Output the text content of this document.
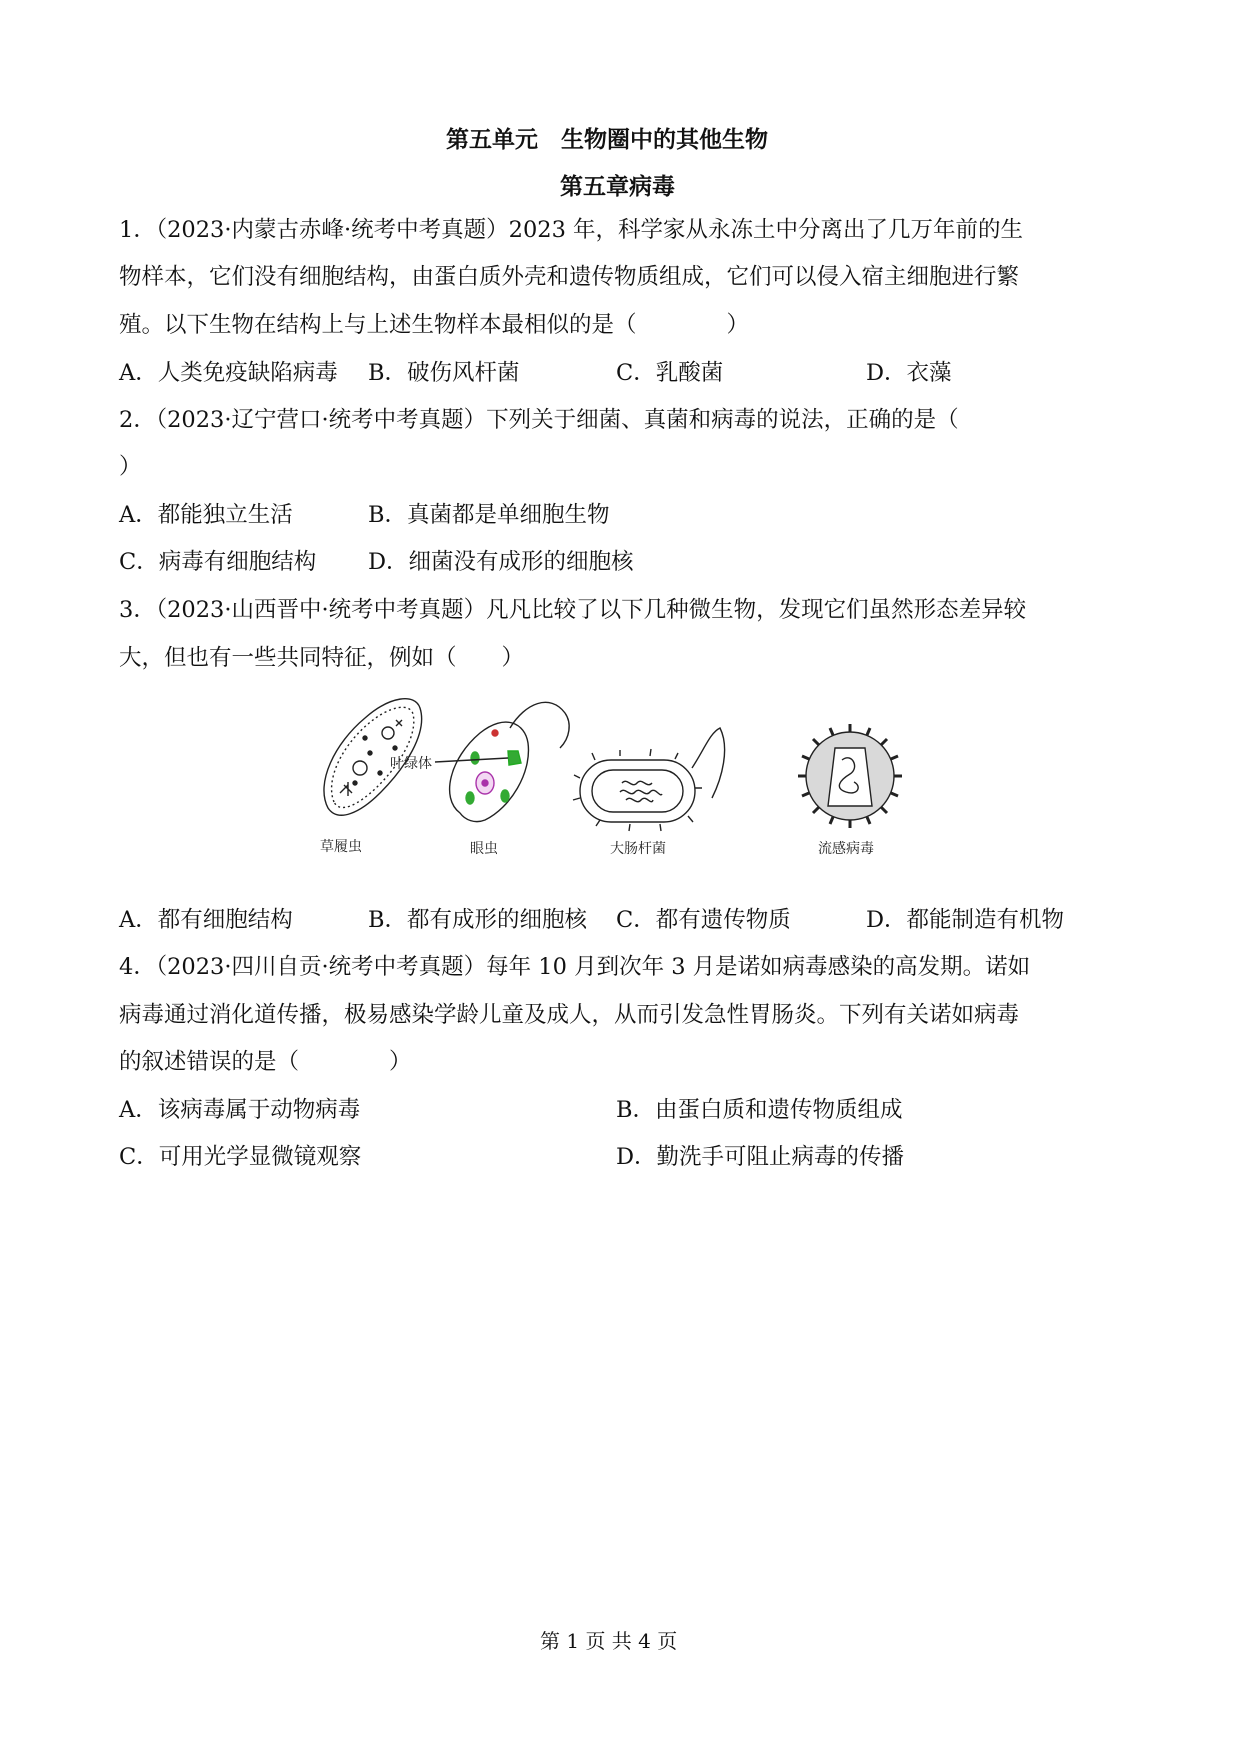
第五单元　生物圈中的其他生物
第五章病毒
1．（2023·内蒙古赤峰·统考中考真题）2023 年，科学家从永冻土中分离出了几万年前的生
物样本，它们没有细胞结构，由蛋白质外壳和遗传物质组成，它们可以侵入宿主细胞进行繁
殖。以下生物在结构上与上述生物样本最相似的是（　　　　）
A．人类免疫缺陷病毒 B．破伤风杆菌	C．乳酸菌	D．衣藻
2．（2023·辽宁营口·统考中考真题）下列关于细菌、真菌和病毒的说法，正确的是（
）
A．都能独立生活	B．真菌都是单细胞生物
C．病毒有细胞结构 D．细菌没有成形的细胞核
3．（2023·山西晋中·统考中考真题）凡凡比较了以下几种微生物，发现它们虽然形态差异较
大，但也有一些共同特征，例如（　　）
草履虫
叶绿体
眼虫	大肠杆菌	流感病毒
A．都有细胞结构	B．都有成形的细胞核 C．都有遗传物质	D．都能制造有机物
4．（2023·四川自贡·统考中考真题）每年 10 月到次年 3 月是诺如病毒感染的高发期。诺如
病毒通过消化道传播，极易感染学龄儿童及成人，从而引发急性胃肠炎。下列有关诺如病毒
的叙述错误的是（　　　　）
A．该病毒属于动物病毒	B．由蛋白质和遗传物质组成
C．可用光学显微镜观察	D．勤洗手可阻止病毒的传播
第 1 页 共 4 页
